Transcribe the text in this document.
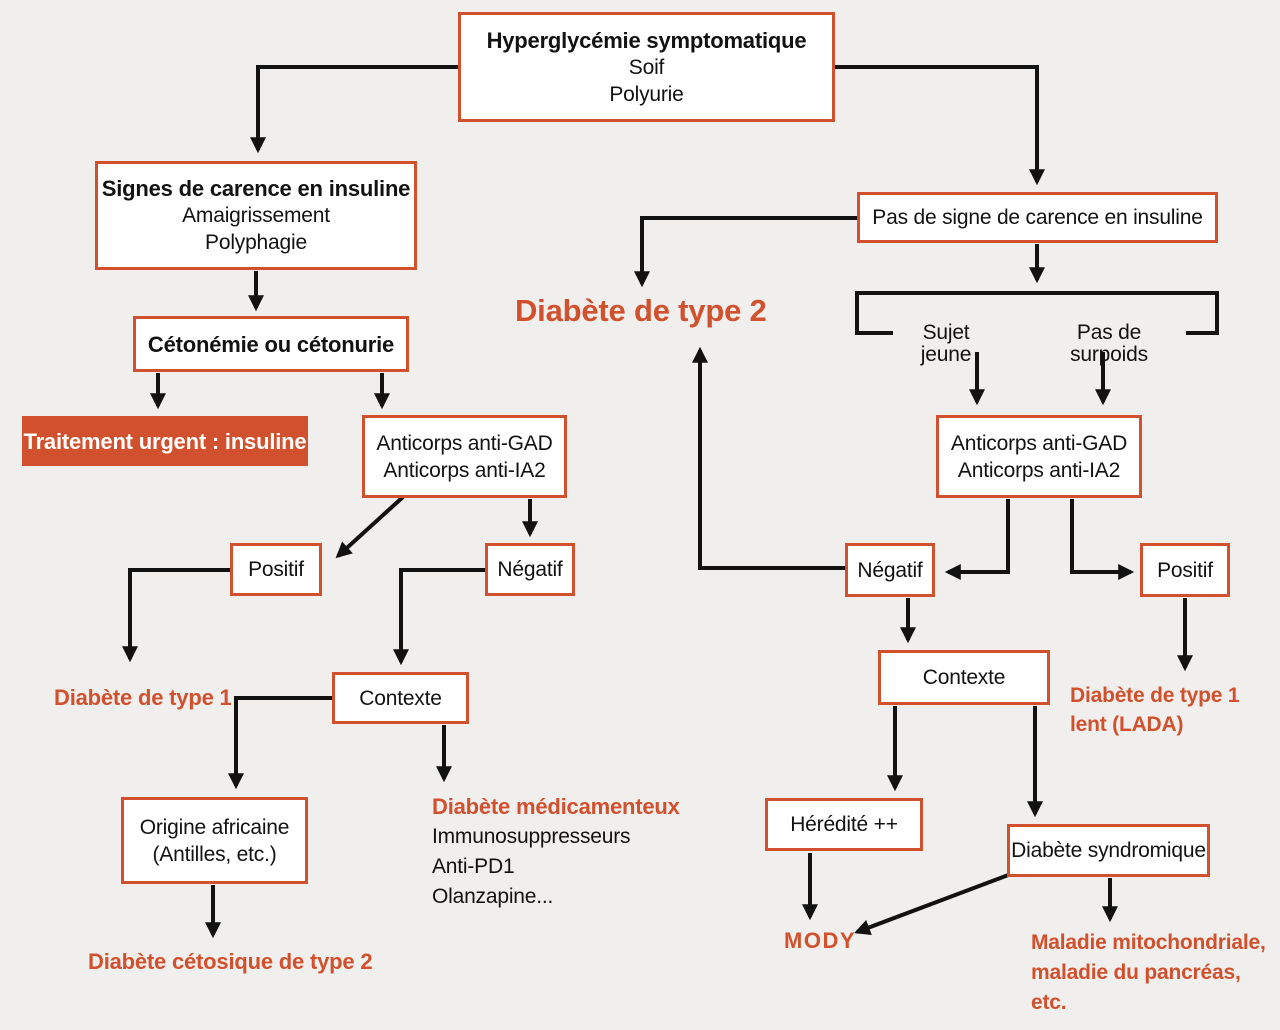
Hyperglycémie symptomatique
Soif
Polyurie
Signes de carence en insuline
Amaigrissement
Polyphagie
Cétonémie ou cétonurie
Traitement urgent : insuline	Anticorps anti-GAD
Anticorps anti-IA2
Positif	Négatif
Contexte
Origine africaine
(Antilles, etc.)
Pas de signe de carence en insuline
Sujet jeune
Pas de surpoids
Anticorps anti-GAD
Anticorps anti-IA2
Négatif	Positif
Contexte
Hérédité ++
Diabète syndromique
Diabète de type 2
Diabète de type 1
Diabète cétosique de type 2
Diabète médicamenteux
Immunosuppresseurs
Anti-PD1
Olanzapine...
Diabète de type 1
lent (LADA)
MODY	Maladie mitochondriale,
maladie du pancréas,
etc.
